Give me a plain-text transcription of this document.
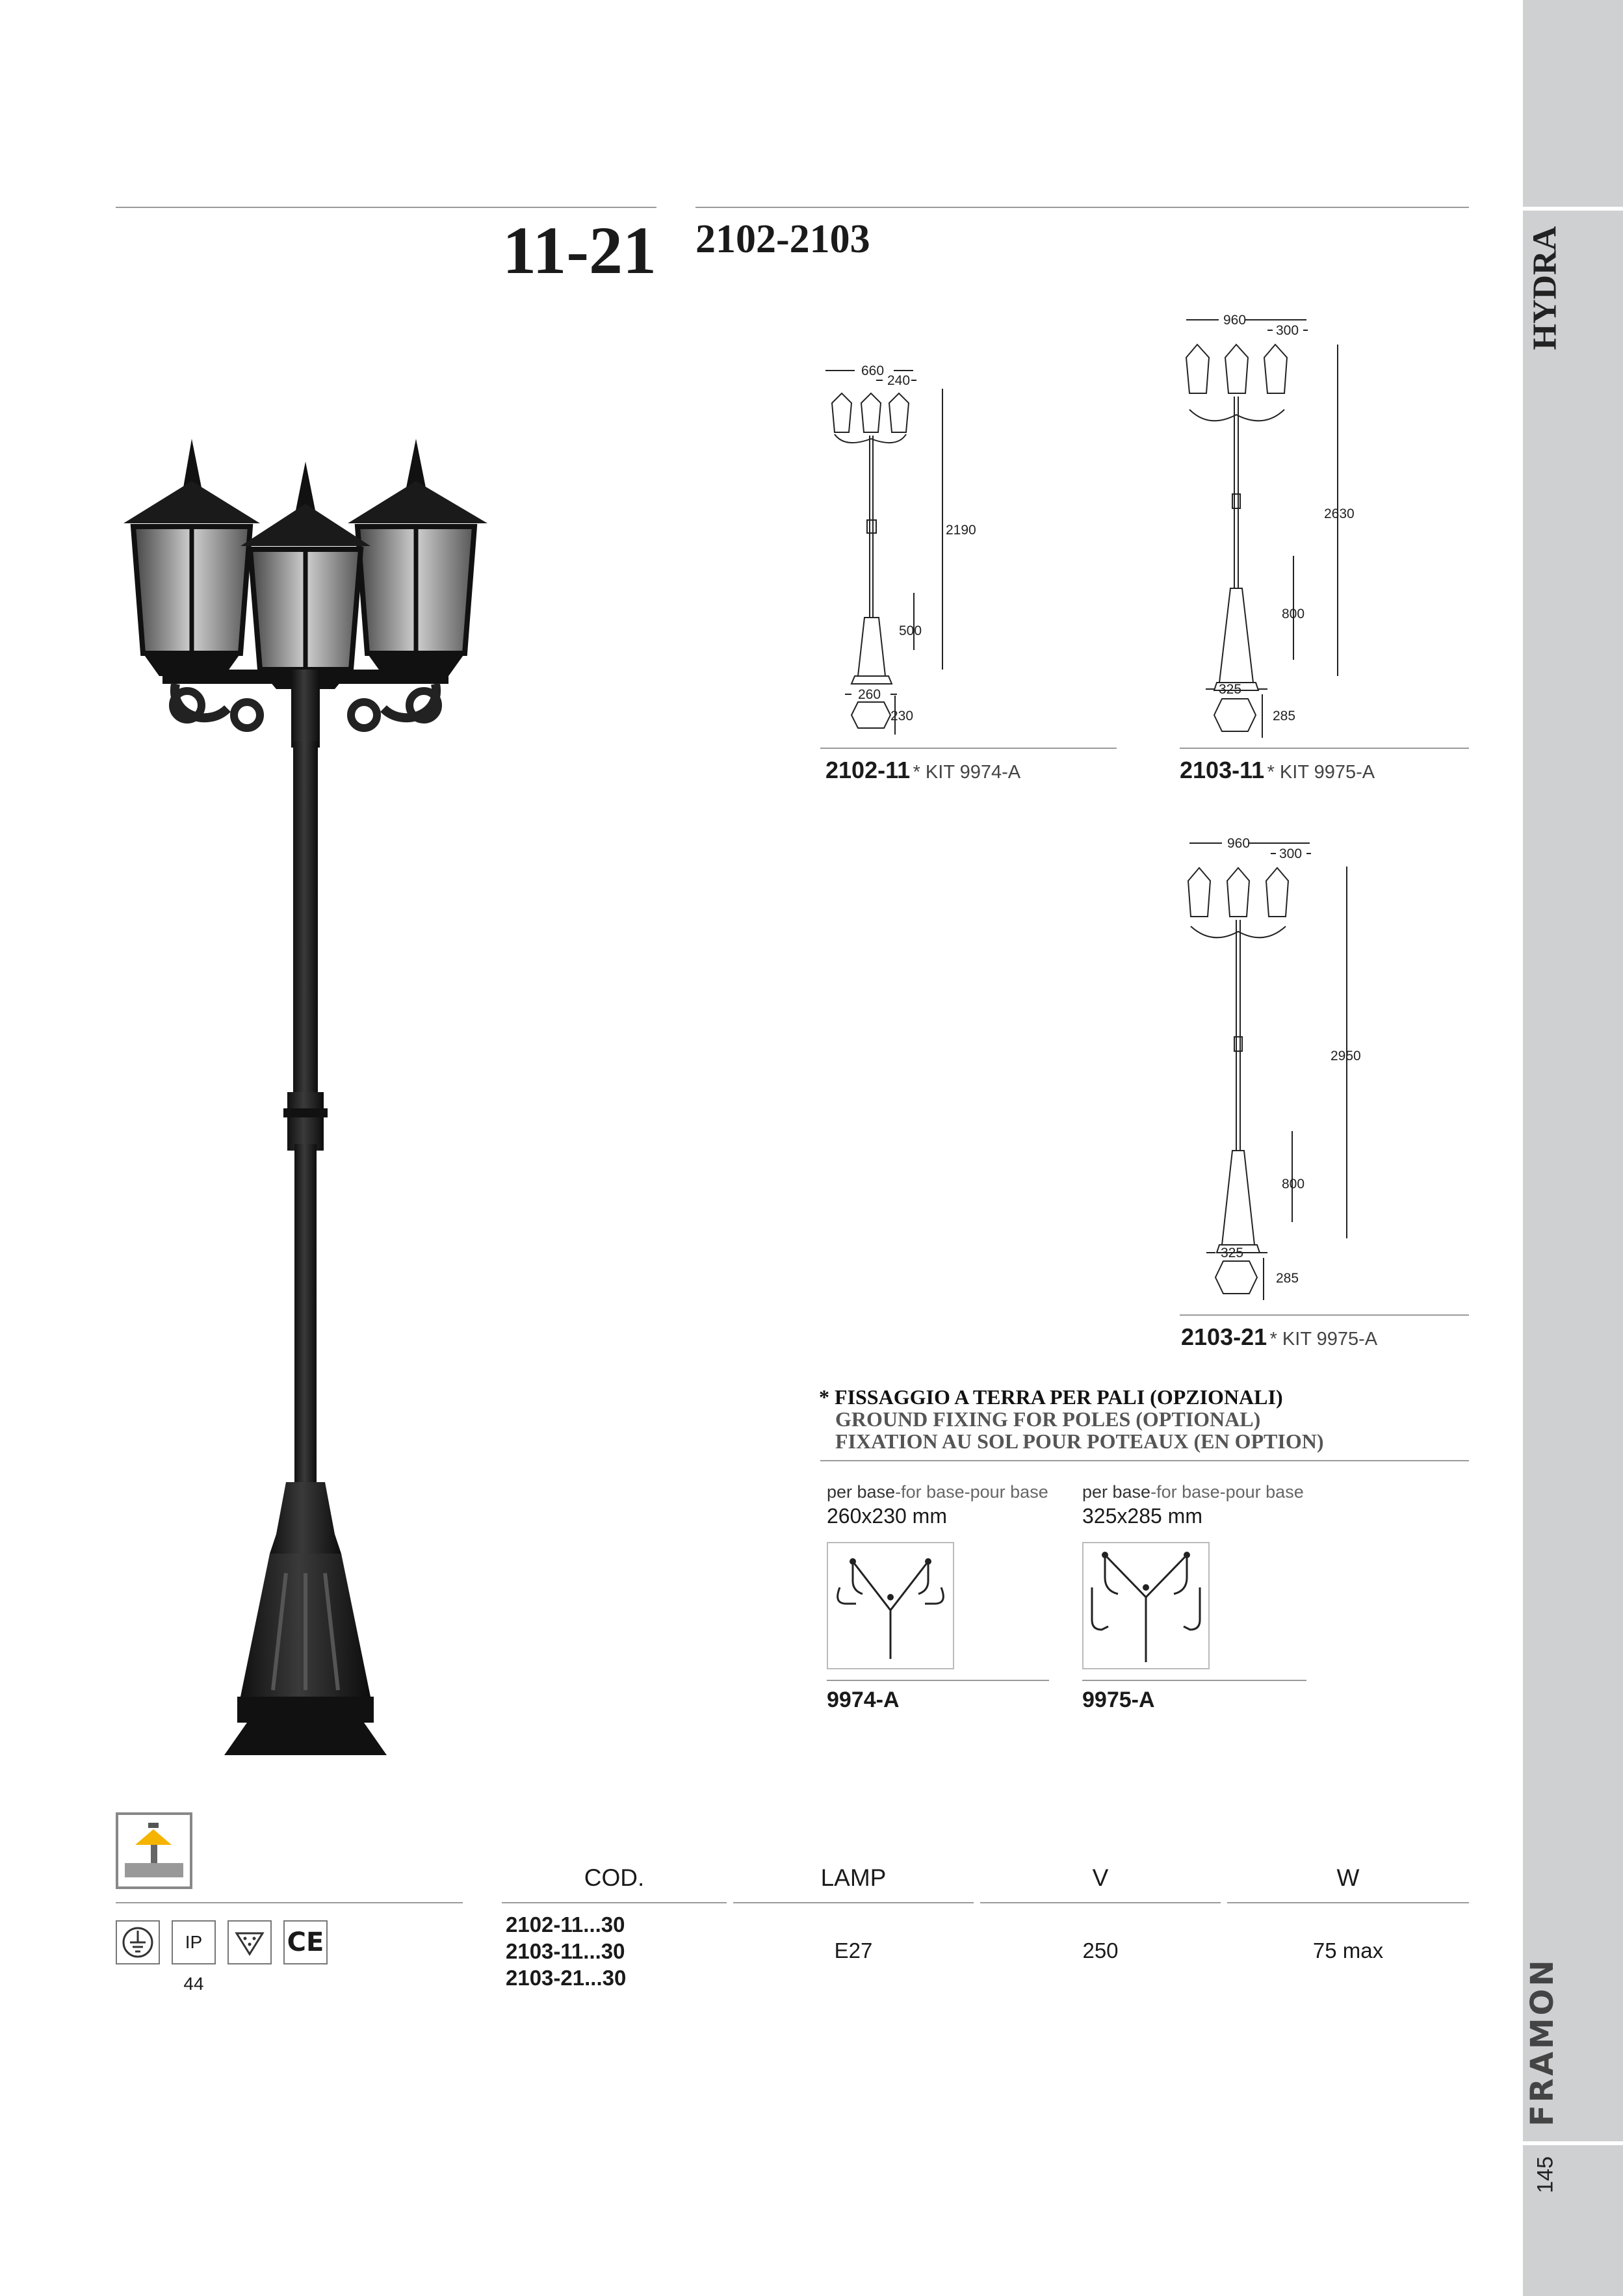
HYDRA
FRAMON
145
11-21 2102-2103
660
240
2190
500
260
230
960
300
2630
800
325
285
960
300
2950
800
325
285
2102-11 * KIT 9974-A	2103-11 * KIT 9975-A
2103-21 * KIT 9975-A
* FISSAGGIO A TERRA PER PALI (OPZIONALI)
GROUND FIXING FOR POLES (OPTIONAL)
FIXATION AU SOL POUR POTEAUX (EN OPTION)
per base-for base-pour base
260x230 mm
9974-A
per base-for base-pour base
325x285 mm
9975-A
IP 44
CE
COD.	LAMP	V	W
2102-11...30
2103-11...30
2103-21...30
E27	250	75 max
